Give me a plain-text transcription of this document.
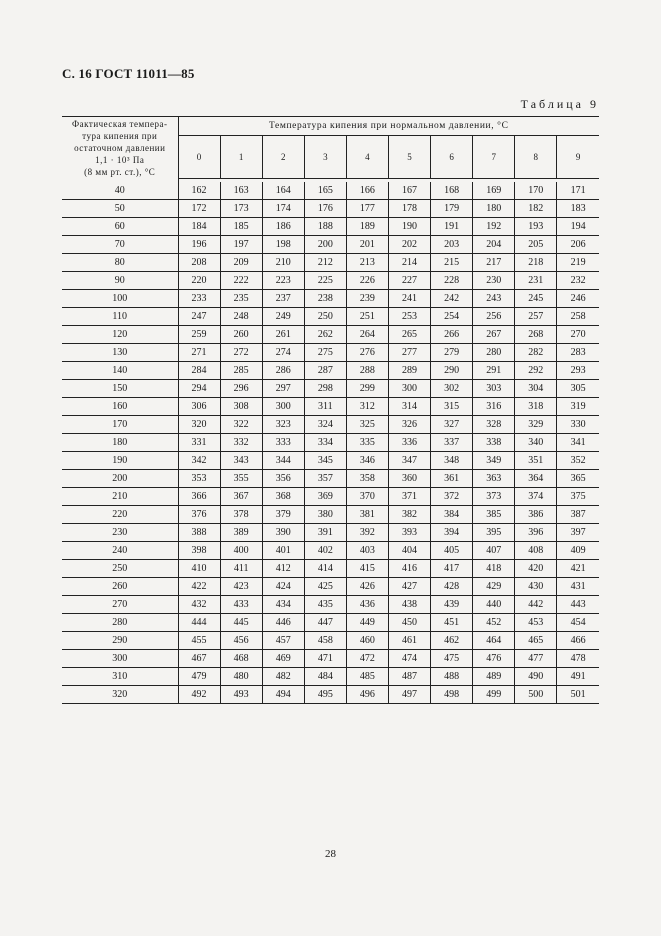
С. 16 ГОСТ 11011—85
Таблица 9
Фактическая темпера-
тура кипения при
остаточном давлении
1,1 · 10³ Па
(8 мм рт. ст.), °С	Температура кипения при нормальном давлении, °С									
	0	1	2	3	4	5	6	7	8	9

40	162	163	164	165	166	167	168	169	170	171
50	172	173	174	176	177	178	179	180	182	183
60	184	185	186	188	189	190	191	192	193	194
70	196	197	198	200	201	202	203	204	205	206
80	208	209	210	212	213	214	215	217	218	219
90	220	222	223	225	226	227	228	230	231	232
100	233	235	237	238	239	241	242	243	245	246
110	247	248	249	250	251	253	254	256	257	258
120	259	260	261	262	264	265	266	267	268	270
130	271	272	274	275	276	277	279	280	282	283
140	284	285	286	287	288	289	290	291	292	293
150	294	296	297	298	299	300	302	303	304	305
160	306	308	300	311	312	314	315	316	318	319
170	320	322	323	324	325	326	327	328	329	330
180	331	332	333	334	335	336	337	338	340	341
190	342	343	344	345	346	347	348	349	351	352
200	353	355	356	357	358	360	361	363	364	365
210	366	367	368	369	370	371	372	373	374	375
220	376	378	379	380	381	382	384	385	386	387
230	388	389	390	391	392	393	394	395	396	397
240	398	400	401	402	403	404	405	407	408	409
250	410	411	412	414	415	416	417	418	420	421
260	422	423	424	425	426	427	428	429	430	431
270	432	433	434	435	436	438	439	440	442	443
280	444	445	446	447	449	450	451	452	453	454
290	455	456	457	458	460	461	462	464	465	466
300	467	468	469	471	472	474	475	476	477	478
310	479	480	482	484	485	487	488	489	490	491
320	492	493	494	495	496	497	498	499	500	501
28
